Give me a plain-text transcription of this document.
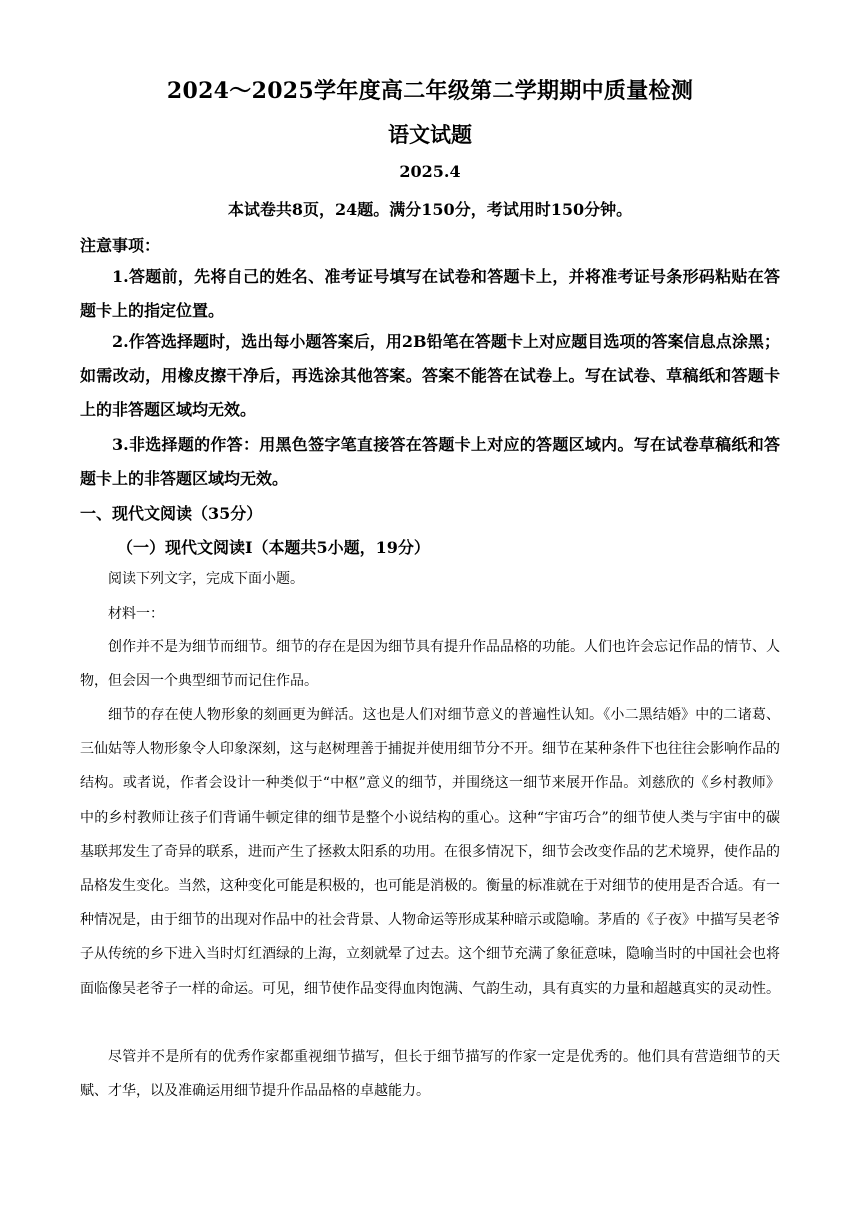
2024～2025学年度高二年级第二学期期中质量检测
语文试题
2025.4
本试卷共8页，24题。满分150分，考试用时150分钟。
注意事项：

1.答题前，先将自己的姓名、准考证号填写在试卷和答题卡上，并将准考证号条形码粘贴在答题卡上的指定位置。

2.作答选择题时，选出每小题答案后，用2B铅笔在答题卡上对应题目选项的答案信息点涂黑；如需改动，用橡皮擦干净后，再选涂其他答案。答案不能答在试卷上。写在试卷、草稿纸和答题卡上的非答题区域均无效。

3.非选择题的作答：用黑色签字笔直接答在答题卡上对应的答题区域内。写在试卷草稿纸和答题卡上的非答题区域均无效。

一、现代文阅读（35分）
（一）现代文阅读Ⅰ（本题共5小题，19分）

阅读下列文字，完成下面小题。

材料一：

创作并不是为细节而细节。细节的存在是因为细节具有提升作品品格的功能。人们也许会忘记作品的情节、人物，但会因一个典型细节而记住作品。

细节的存在使人物形象的刻画更为鲜活。这也是人们对细节意义的普遍性认知。《小二黑结婚》中的二诸葛、三仙姑等人物形象令人印象深刻，这与赵树理善于捕捉并使用细节分不开。细节在某种条件下也往往会影响作品的结构。或者说，作者会设计一种类似于“中枢”意义的细节，并围绕这一细节来展开作品。刘慈欣的《乡村教师》中的乡村教师让孩子们背诵牛顿定律的细节是整个小说结构的重心。这种“宇宙巧合”的细节使人类与宇宙中的碳基联邦发生了奇异的联系，进而产生了拯救太阳系的功用。在很多情况下，细节会改变作品的艺术境界，使作品的品格发生变化。当然，这种变化可能是积极的，也可能是消极的。衡量的标准就在于对细节的使用是否合适。有一种情况是，由于细节的出现对作品中的社会背景、人物命运等形成某种暗示或隐喻。茅盾的《子夜》中描写吴老爷子从传统的乡下进入当时灯红酒绿的上海，立刻就晕了过去。这个细节充满了象征意味，隐喻当时的中国社会也将面临像吴老爷子一样的命运。可见，细节使作品变得血肉饱满、气韵生动，具有真实的力量和超越真实的灵动性。

尽管并不是所有的优秀作家都重视细节描写，但长于细节描写的作家一定是优秀的。他们具有营造细节的天赋、才华，以及准确运用细节提升作品品格的卓越能力。
